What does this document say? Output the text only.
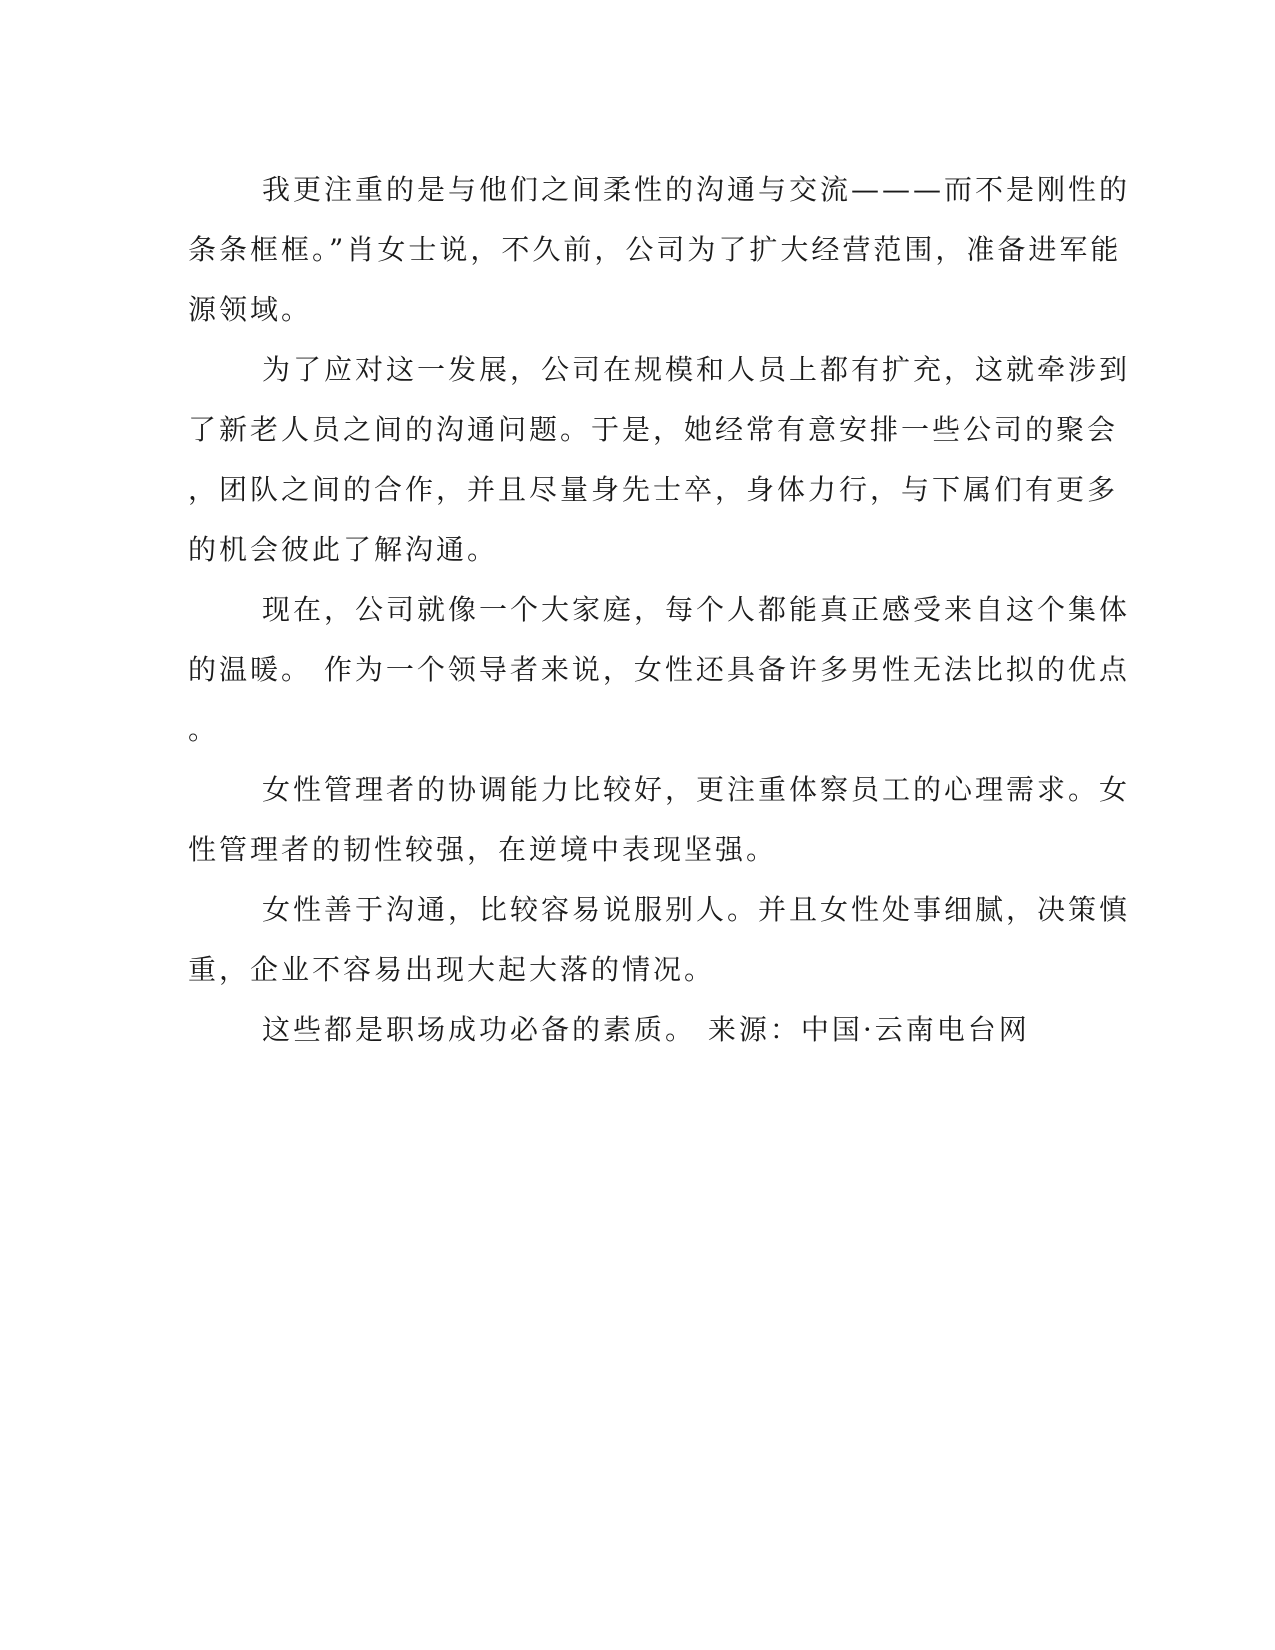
我更注重的是与他们之间柔性的沟通与交流———而不是刚性的
条条框框。”肖女士说，不久前，公司为了扩大经营范围，准备进军能
源领域。
为了应对这一发展，公司在规模和人员上都有扩充，这就牵涉到
了新老人员之间的沟通问题。于是，她经常有意安排一些公司的聚会
，团队之间的合作，并且尽量身先士卒，身体力行，与下属们有更多
的机会彼此了解沟通。
现在，公司就像一个大家庭，每个人都能真正感受来自这个集体
的温暖。 作为一个领导者来说，女性还具备许多男性无法比拟的优点
。
女性管理者的协调能力比较好，更注重体察员工的心理需求。女
性管理者的韧性较强，在逆境中表现坚强。
女性善于沟通，比较容易说服别人。并且女性处事细腻，决策慎
重，企业不容易出现大起大落的情况。
这些都是职场成功必备的素质。 来源：中国·云南电台网
